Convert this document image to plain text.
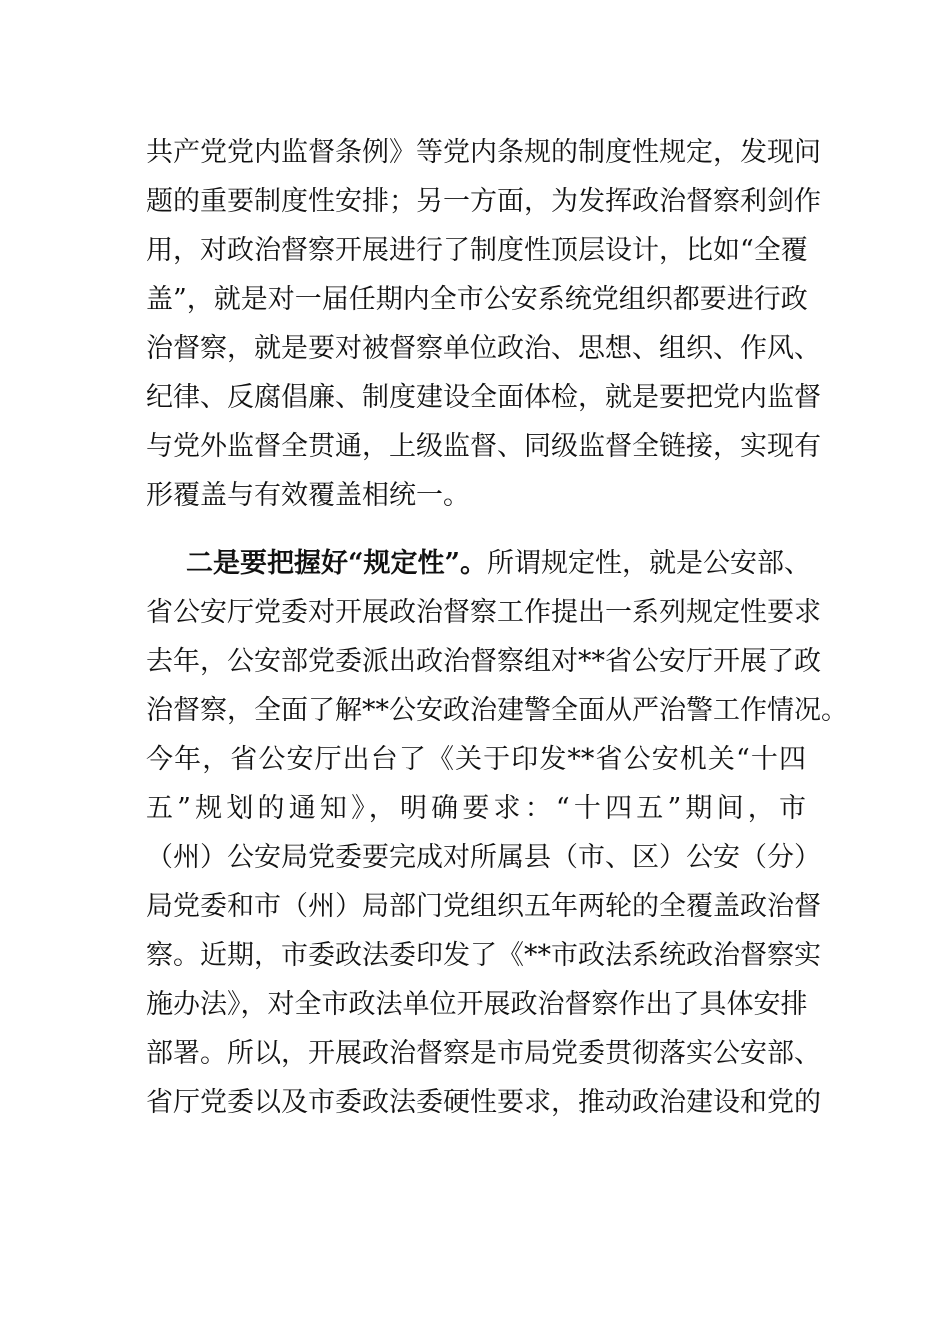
共产党党内监督条例》等党内条规的制度性规定，发现问
题的重要制度性安排；另一方面，为发挥政治督察利剑作
用，对政治督察开展进行了制度性顶层设计，比如“全覆
盖”，就是对一届任期内全市公安系统党组织都要进行政
治督察，就是要对被督察单位政治、思想、组织、作风、
纪律、反腐倡廉、制度建设全面体检，就是要把党内监督
与党外监督全贯通，上级监督、同级监督全链接，实现有
形覆盖与有效覆盖相统一。
二是要把握好“规定性”。所谓规定性，就是公安部、
省公安厅党委对开展政治督察工作提出一系列规定性要求
去年，公安部党委派出政治督察组对**省公安厅开展了政
治督察，全面了解**公安政治建警全面从严治警工作情况。
今年，省公安厅出台了《关于印发**省公安机关“十四
五”规划的通知》，明确要求：“十四五”期间，市
（州）公安局党委要完成对所属县（市、区）公安（分）
局党委和市（州）局部门党组织五年两轮的全覆盖政治督
察。近期，市委政法委印发了《**市政法系统政治督察实
施办法》，对全市政法单位开展政治督察作出了具体安排
部署。所以，开展政治督察是市局党委贯彻落实公安部、
省厅党委以及市委政法委硬性要求，推动政治建设和党的
